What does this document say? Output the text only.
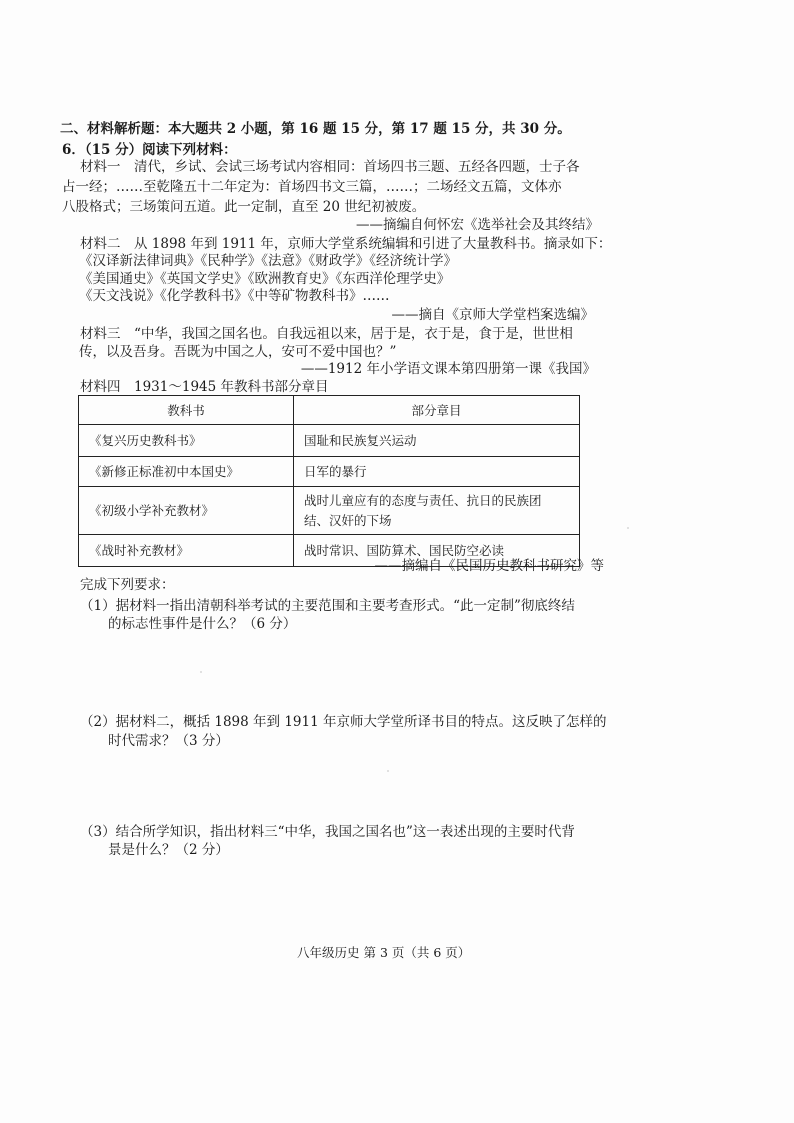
二、材料解析题：本大题共 2 小题，第 16 题 15 分，第 17 题 15 分，共 30 分。
6．（15 分）阅读下列材料：
材料一　清代，乡试、会试三场考试内容相同：首场四书三题、五经各四题，士子各
占一经；……至乾隆五十二年定为：首场四书文三篇，……；二场经文五篇，文体亦
八股格式；三场策问五道。此一定制，直至 20 世纪初被废。
——摘编自何怀宏《选举社会及其终结》
材料二　从 1898 年到 1911 年，京师大学堂系统编辑和引进了大量教科书。摘录如下：
《汉译新法律词典》《民种学》《法意》《财政学》《经济统计学》
《美国通史》《英国文学史》《欧洲教育史》《东西洋伦理学史》
《天文浅说》《化学教科书》《中等矿物教科书》……
——摘自《京师大学堂档案选编》
材料三　“中华，我国之国名也。自我远祖以来，居于是，衣于是，食于是，世世相
传，以及吾身。吾既为中国之人，安可不爱中国也？”
——1912 年小学语文课本第四册第一课《我国》
材料四　1931～1945 年教科书部分章目
教科书	部分章目
《复兴历史教科书》	国耻和民族复兴运动
《新修正标准初中本国史》	日军的暴行
《初级小学补充教材》	战时儿童应有的态度与责任、抗日的民族团
结、汉奸的下场

《战时补充教材》	战时常识、国防算术、国民防空必读
——摘编自《民国历史教科书研究》等
完成下列要求：
（1）据材料一指出清朝科举考试的主要范围和主要考查形式。“此一定制”彻底终结
的标志性事件是什么？（6 分）
（2）据材料二，概括 1898 年到 1911 年京师大学堂所译书目的特点。这反映了怎样的
时代需求？（3 分）
（3）结合所学知识，指出材料三“中华，我国之国名也”这一表述出现的主要时代背
景是什么？（2 分）
八年级历史 第 3 页（共 6 页）
